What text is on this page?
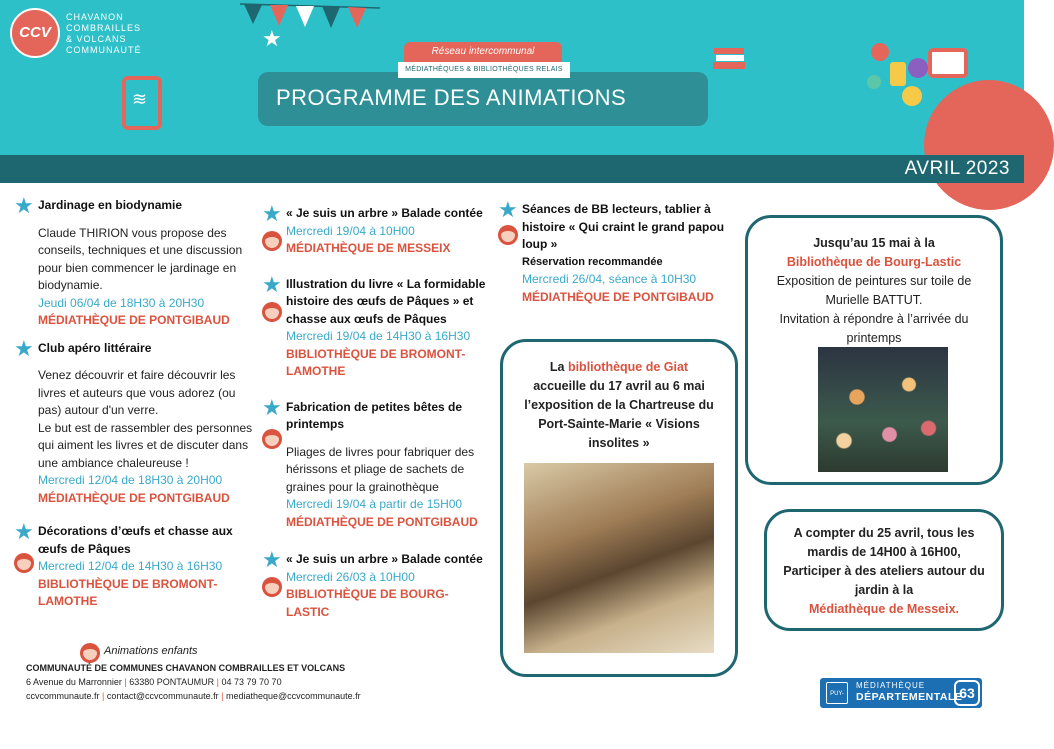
CCV
CHAVANON
COMBRAILLES
& VOLCANS
COMMUNAUTÉ	★
≋
Réseau intercommunal
MÉDIATHÈQUES & BIBLIOTHÈQUES RELAIS
PROGRAMME DES ANIMATIONS
AVRIL 2023
★ Jardinage en biodynamie
Claude THIRION vous propose des conseils, techniques et une discussion pour bien commencer le jardinage en biodynamie.
Jeudi 06/04 de 18H30 à 20H30
MÉDIATHÈQUE DE PONTGIBAUD
★ Club apéro littéraire
Venez découvrir et faire découvrir les livres et auteurs que vous adorez (ou pas) autour d'un verre.
Le but est de rassembler des personnes qui aiment les livres et de discuter dans une ambiance chaleureuse !
Mercredi 12/04 de 18H30 à 20H00
MÉDIATHÈQUE DE PONTGIBAUD
★ Décorations d’œufs et chasse aux œufs de Pâques
Mercredi 12/04 de 14H30 à 16H30
BIBLIOTHÈQUE DE BROMONT-LAMOTHE
Animations enfants
★ « Je suis un arbre » Balade contée
Mercredi 19/04 à 10H00
MÉDIATHÈQUE DE MESSEIX
★ Illustration du livre « La formidable histoire des œufs de Pâques » et chasse aux œufs de Pâques
Mercredi 19/04 de 14H30 à 16H30
BIBLIOTHÈQUE DE BROMONT-LAMOTHE
★ Fabrication de petites bêtes de printemps
Pliages de livres pour fabriquer des hérissons et pliage de sachets de graines pour la grainothèque
Mercredi 19/04 à partir de 15H00
MÉDIATHÈQUE DE PONTGIBAUD
★ « Je suis un arbre » Balade contée
Mercredi 26/03 à 10H00
BIBLIOTHÈQUE DE BOURG-LASTIC
★ Séances de BB lecteurs, tablier à histoire « Qui craint le grand papou loup »
Réservation recommandée
Mercredi 26/04, séance à 10H30
MÉDIATHÈQUE DE PONTGIBAUD
La bibliothèque de Giat
accueille du 17 avril au 6 mai l’exposition de la Chartreuse du Port-Sainte-Marie « Visions insolites »
Jusqu’au 15 mai à la
Bibliothèque de Bourg-Lastic
Exposition de peintures sur toile de Murielle BATTUT.
Invitation à répondre à l’arrivée du printemps
A compter du 25 avril, tous les mardis de 14H00 à 16H00, Participer à des ateliers autour du jardin à la
Médiathèque de Messeix.
COMMUNAUTÉ DE COMMUNES CHAVANON COMBRAILLES ET VOLCANS
6 Avenue du Marronnier | 63380 PONTAUMUR | 04 73 79 70 70
ccvcommunaute.fr | contact@ccvcommunaute.fr | mediatheque@ccvcommunaute.fr	PUY-DE-DÔME
MÉDIATHÈQUE
DÉPARTEMENTALE
63
